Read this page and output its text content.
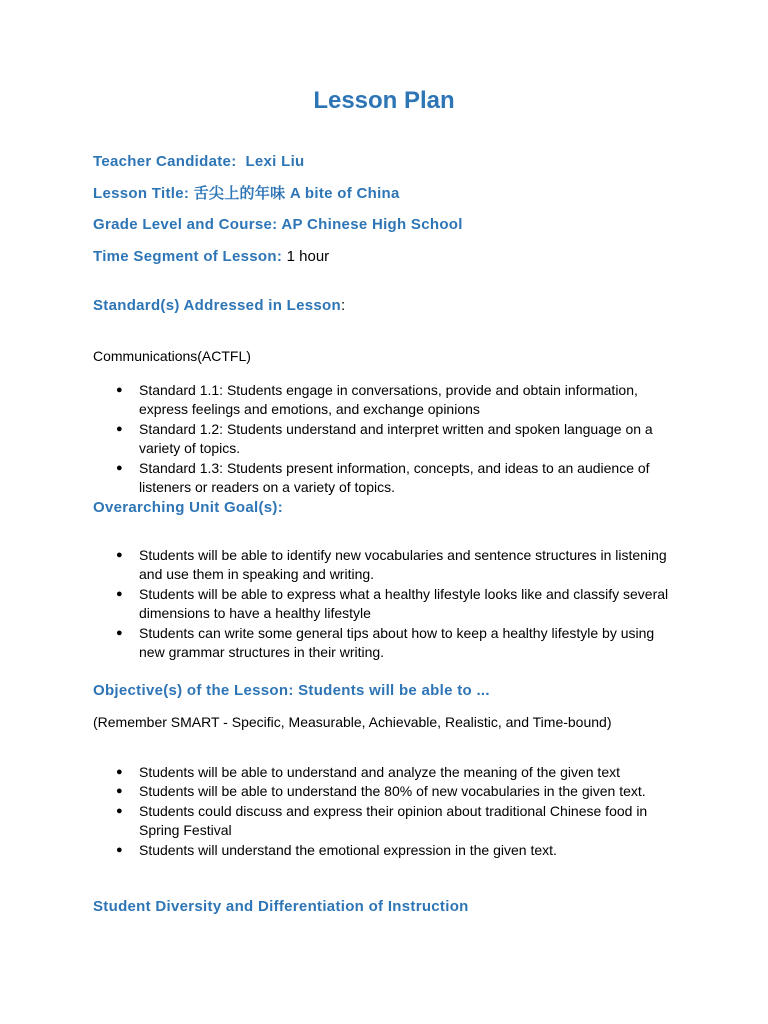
Lesson Plan
Teacher Candidate: Lexi Liu
Lesson Title: 舌尖上的年味 A bite of China
Grade Level and Course: AP Chinese High School
Time Segment of Lesson: 1 hour
Standard(s) Addressed in Lesson:
Communications(ACTFL)
● Standard 1.1: Students engage in conversations, provide and obtain information, express feelings and emotions, and exchange opinions
● Standard 1.2: Students understand and interpret written and spoken language on a variety of topics.
● Standard 1.3: Students present information, concepts, and ideas to an audience of listeners or readers on a variety of topics.
Overarching Unit Goal(s):
● Students will be able to identify new vocabularies and sentence structures in listening and use them in speaking and writing.
● Students will be able to express what a healthy lifestyle looks like and classify several dimensions to have a healthy lifestyle
● Students can write some general tips about how to keep a healthy lifestyle by using new grammar structures in their writing.
Objective(s) of the Lesson: Students will be able to ...
(Remember SMART - Specific, Measurable, Achievable, Realistic, and Time-bound)
● Students will be able to understand and analyze the meaning of the given text
● Students will be able to understand the 80% of new vocabularies in the given text.
● Students could discuss and express their opinion about traditional Chinese food in Spring Festival
● Students will understand the emotional expression in the given text.
Student Diversity and Differentiation of Instruction
